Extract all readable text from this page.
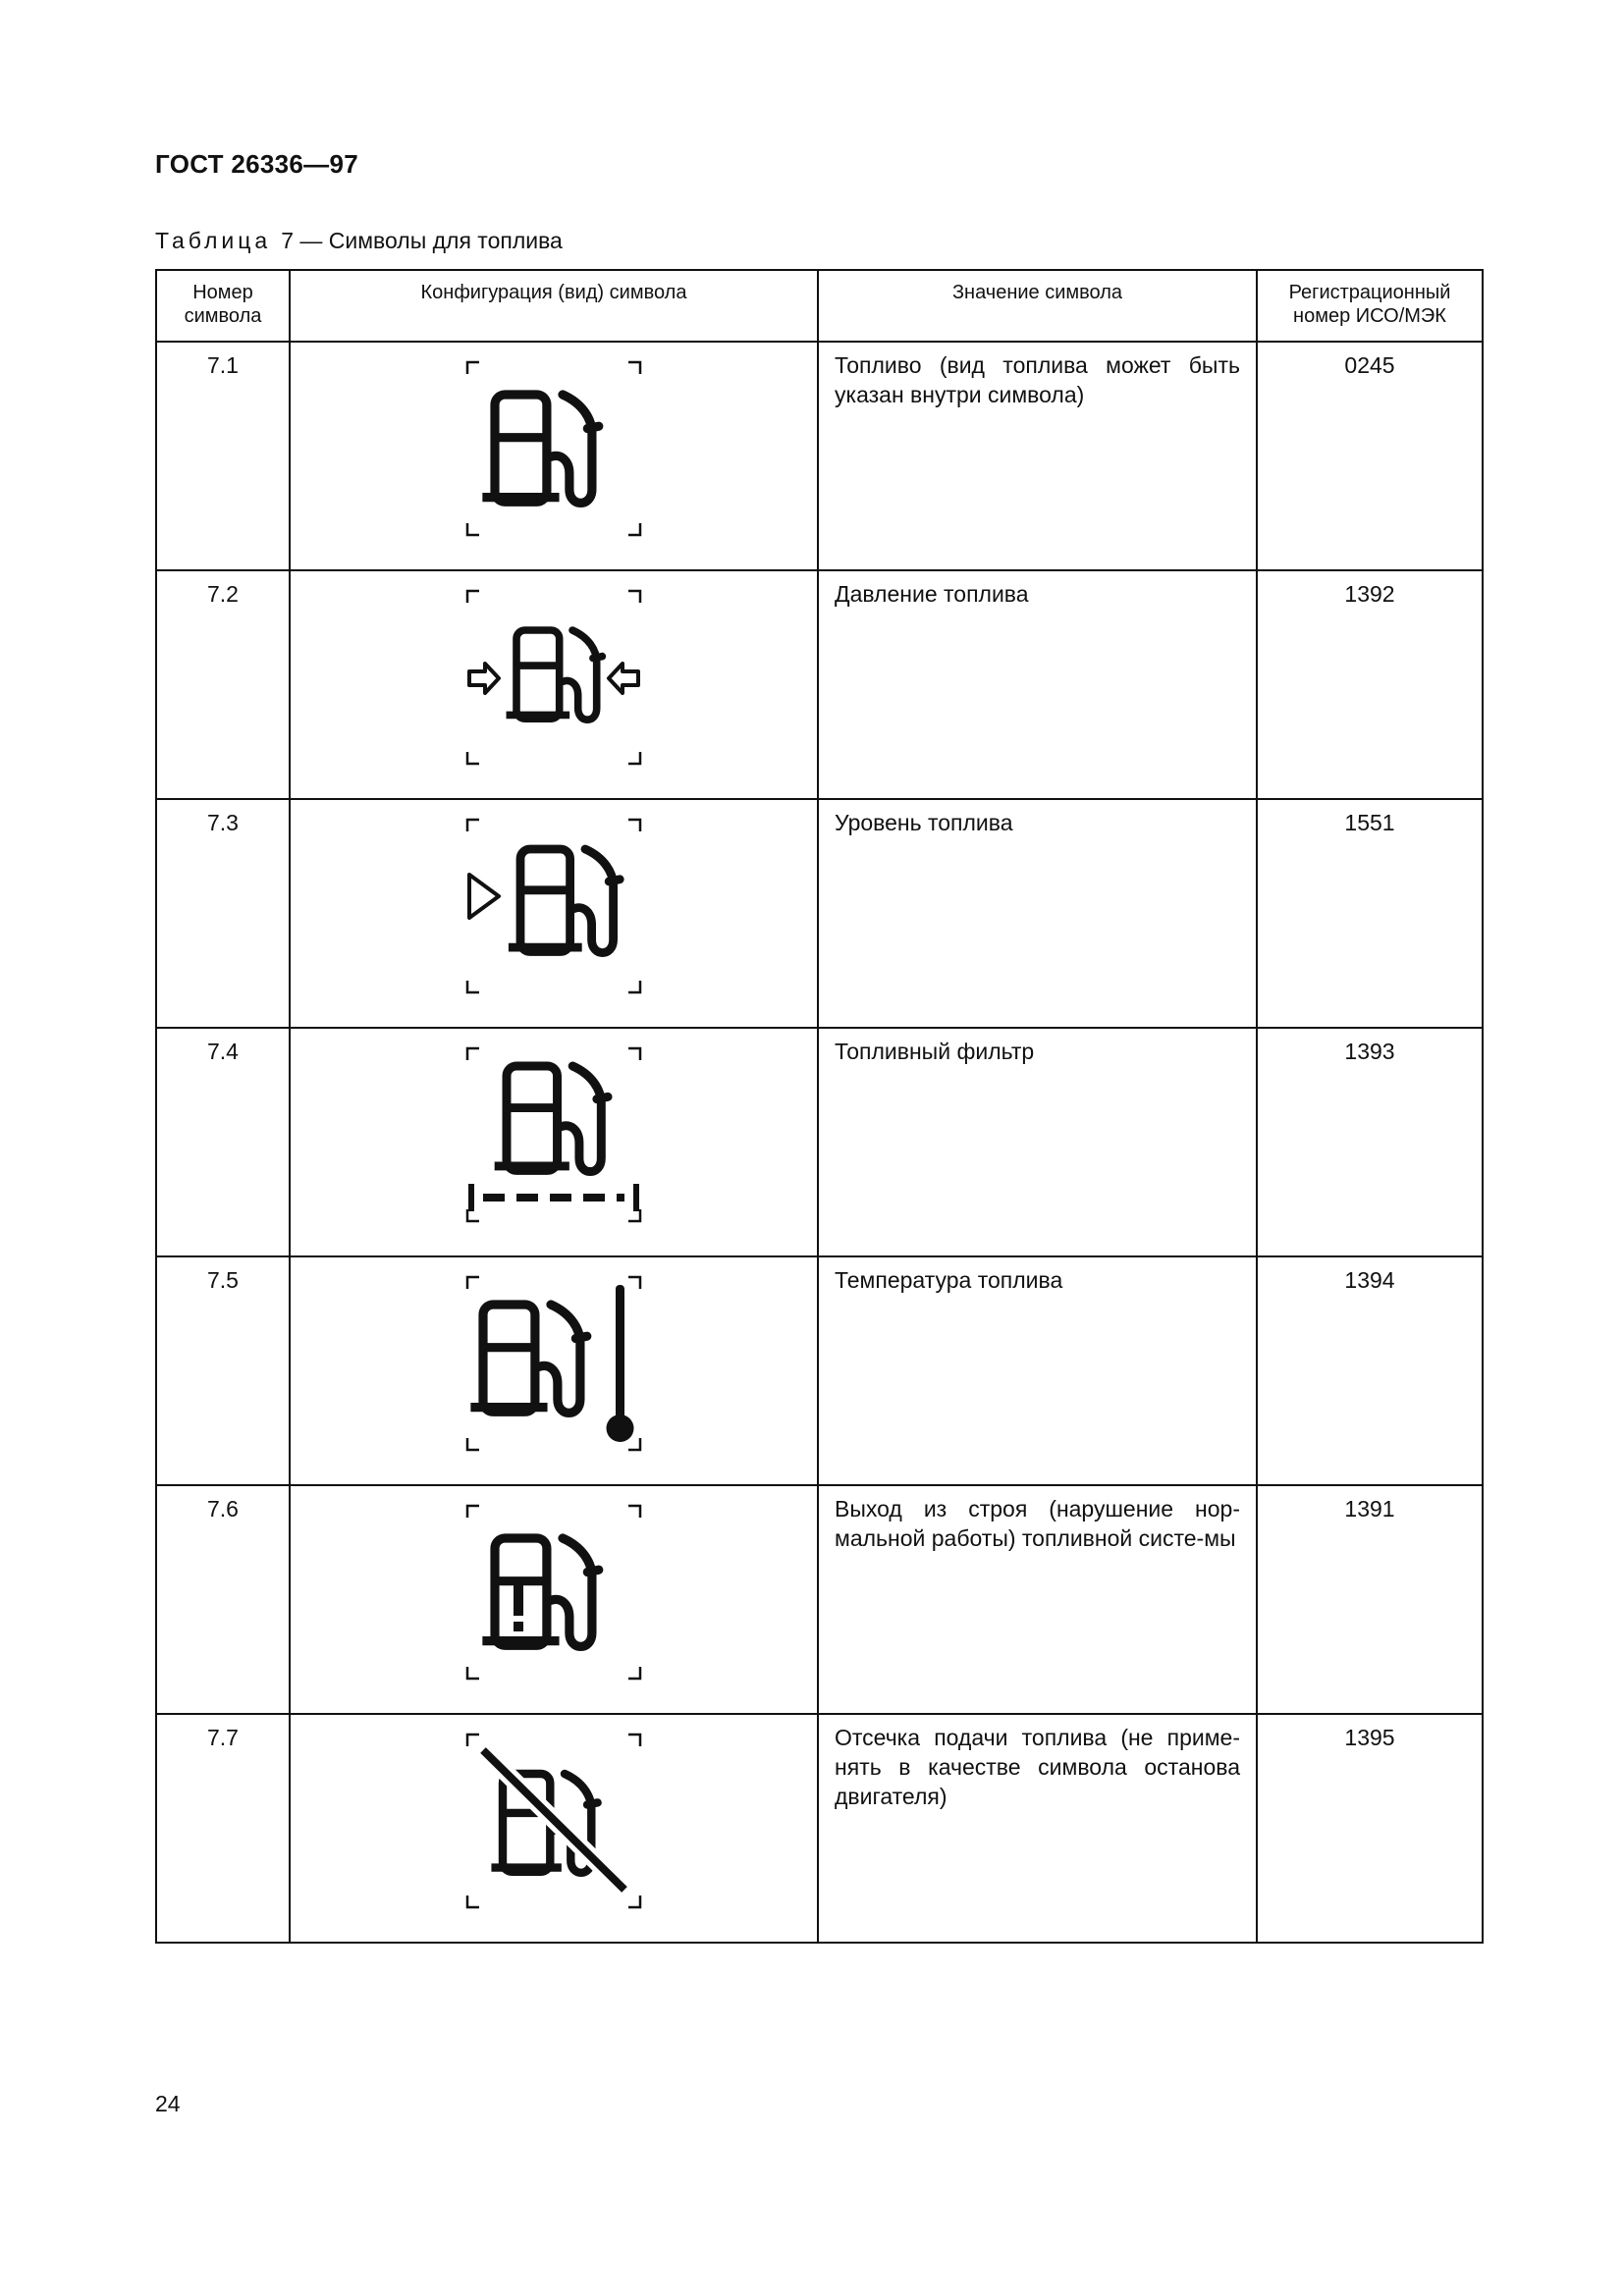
ГОСТ 26336—97
Таблица 7 — Символы для топлива
Номер символа	Конфигурация (вид) символа	Значение символа	Регистрационный номер ИСО/МЭК
7.1		Топливо (вид топлива может быть указан внутри символа)	0245
7.2		Давление топлива	1392
7.3		Уровень топлива	1551
7.4		Топливный фильтр	1393
7.5		Температура топлива	1394
7.6		Выход из строя (нарушение нор-мальной работы) топливной систе-мы	1391
7.7		Отсечка подачи топлива (не приме-нять в качестве символа останова двигателя)	1395
24
